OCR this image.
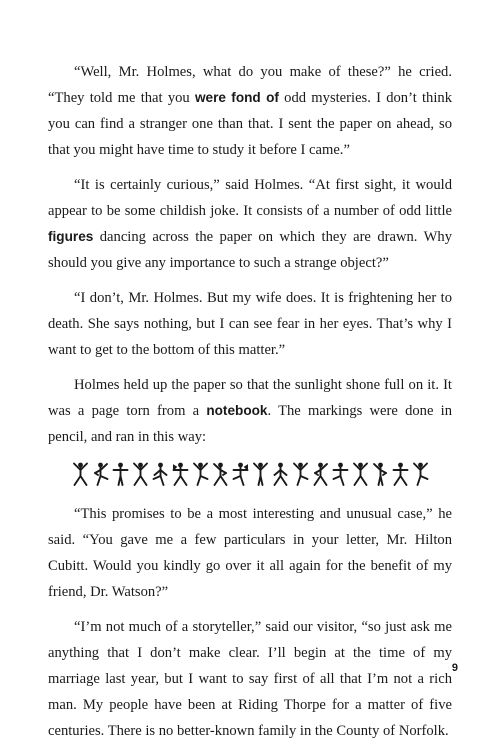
“Well, Mr. Holmes, what do you make of these?” he cried. “They told me that you were fond of odd mysteries. I don’t think you can find a stranger one than that. I sent the paper on ahead, so that you might have time to study it before I came.”

“It is certainly curious,” said Holmes. “At first sight, it would appear to be some childish joke. It consists of a number of odd little figures dancing across the paper on which they are drawn. Why should you give any importance to such a strange object?”

“I don’t, Mr. Holmes. But my wife does. It is frightening her to death. She says nothing, but I can see fear in her eyes. That’s why I want to get to the bottom of this matter.”

Holmes held up the paper so that the sunlight shone full on it. It was a page torn from a notebook. The markings were done in pencil, and ran in this way:

“This promises to be a most interesting and unusual case,” he said. “You gave me a few particulars in your letter, Mr. Hilton Cubitt. Would you kindly go over it all again for the benefit of my friend, Dr. Watson?”

“I’m not much of a storyteller,” said our visitor, “so just ask me anything that I don’t make clear. I’ll begin at the time of my marriage last year, but I want to say first of all that I’m not a rich man. My people have been at Riding Thorpe for a matter of five centuries. There is no better-known family in the County of Norfolk.

9
